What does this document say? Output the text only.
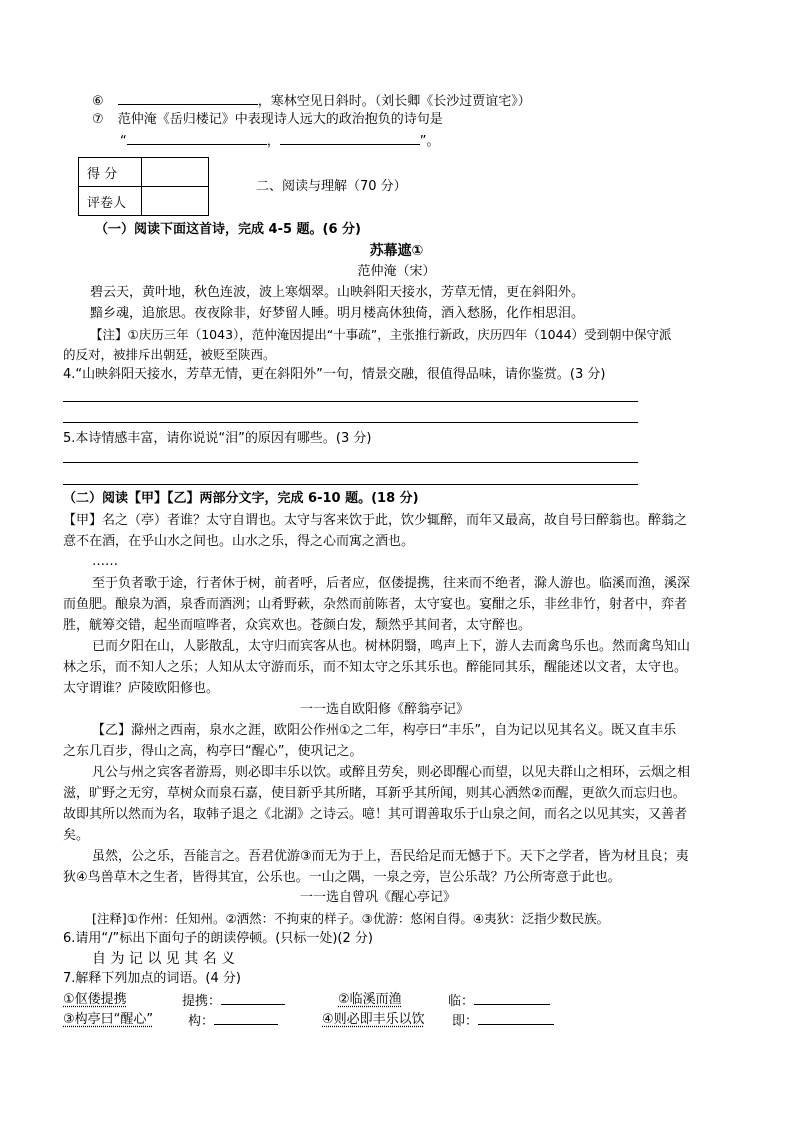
⑥	，寒林空见日斜时。（刘长卿《长沙过贾谊宅》）
⑦ 范仲淹《岳归楼记》中表现诗人远大的政治抱负的诗句是
“	，	”。
得 分	
评卷人	
二、阅读与理解（70 分）
（一）阅读下面这首诗，完成 4-5 题。(6 分)
苏幕遮①
范仲淹（宋）
碧云天，黄叶地，秋色连波，波上寒烟翠。山映斜阳天接水，芳草无情，更在斜阳外。
黯乡魂，追旅思。夜夜除非，好梦留人睡。明月楼高休独倚，酒入愁肠，化作相思泪。
【注】①庆历三年（1043），范仲淹因提出“十事疏”，主张推行新政，庆历四年（1044）受到朝中保守派
的反对，被排斥出朝廷，被贬至陕西。
4.“山映斜阳天接水，芳草无情，更在斜阳外”一句，情景交融，很值得品味，请你鉴赏。(3 分)
5.本诗情感丰富，请你说说“泪”的原因有哪些。(3 分)
（二）阅读【甲】【乙】两部分文字，完成 6-10 题。(18 分)
【甲】名之（亭）者谁？太守自谓也。太守与客来饮于此，饮少辄醉，而年又最高，故自号曰醉翁也。醉翁之
意不在酒，在乎山水之间也。山水之乐，得之心而寓之酒也。
……
至于负者歌于途，行者休于树，前者呼，后者应，伛偻提携，往来而不绝者，滁人游也。临溪而渔，溪深
而鱼肥。酿泉为酒，泉香而酒洌；山肴野蔌，杂然而前陈者，太守宴也。宴酣之乐，非丝非竹，射者中，弈者
胜，觥筹交错，起坐而喧哗者，众宾欢也。苍颜白发，颓然乎其间者，太守醉也。
已而夕阳在山，人影散乱，太守归而宾客从也。树林阴翳，鸣声上下，游人去而禽鸟乐也。然而禽鸟知山
林之乐，而不知人之乐；人知从太守游而乐，而不知太守之乐其乐也。醉能同其乐，醒能述以文者，太守也。
太守谓谁？庐陵欧阳修也。
一一选自欧阳修《醉翁亭记》
【乙】滁州之西南，泉水之涯，欧阳公作州①之二年，构亭曰“丰乐”，自为记以见其名义。既又直丰乐
之东几百步，得山之高，构亭曰“醒心”，使巩记之。
凡公与州之宾客者游焉，则必即丰乐以饮。或醉且劳矣，则必即醒心而望，以见夫群山之相环，云烟之相
滋，旷野之无穷，草树众而泉石嘉，使目新乎其所睹，耳新乎其所闻，则其心洒然②而醒，更欲久而忘归也。
故即其所以然而为名，取韩子退之《北湖》之诗云。噫！其可谓善取乐于山泉之间，而名之以见其实，又善者
矣。
虽然，公之乐，吾能言之。吾君优游③而无为于上，吾民给足而无憾于下。天下之学者，皆为材且良；夷
狄④鸟兽草木之生者，皆得其宜，公乐也。一山之隅，一泉之旁，岂公乐哉？乃公所寄意于此也。
一一选自曾巩《醒心亭记》
[注释]①作州：任知州。②洒然：不拘束的样子。③优游：悠闲自得。④夷狄：泛指少数民族。
6.请用“/”标出下面句子的朗读停顿。(只标一处)(2 分)
自 为 记 以 见 其 名 义
7.解释下列加点的词语。(4 分)
①伛偻提携	提携：	②临溪而渔	临：
③构亭曰“醒心”	构：	④则必即丰乐以饮 即：
